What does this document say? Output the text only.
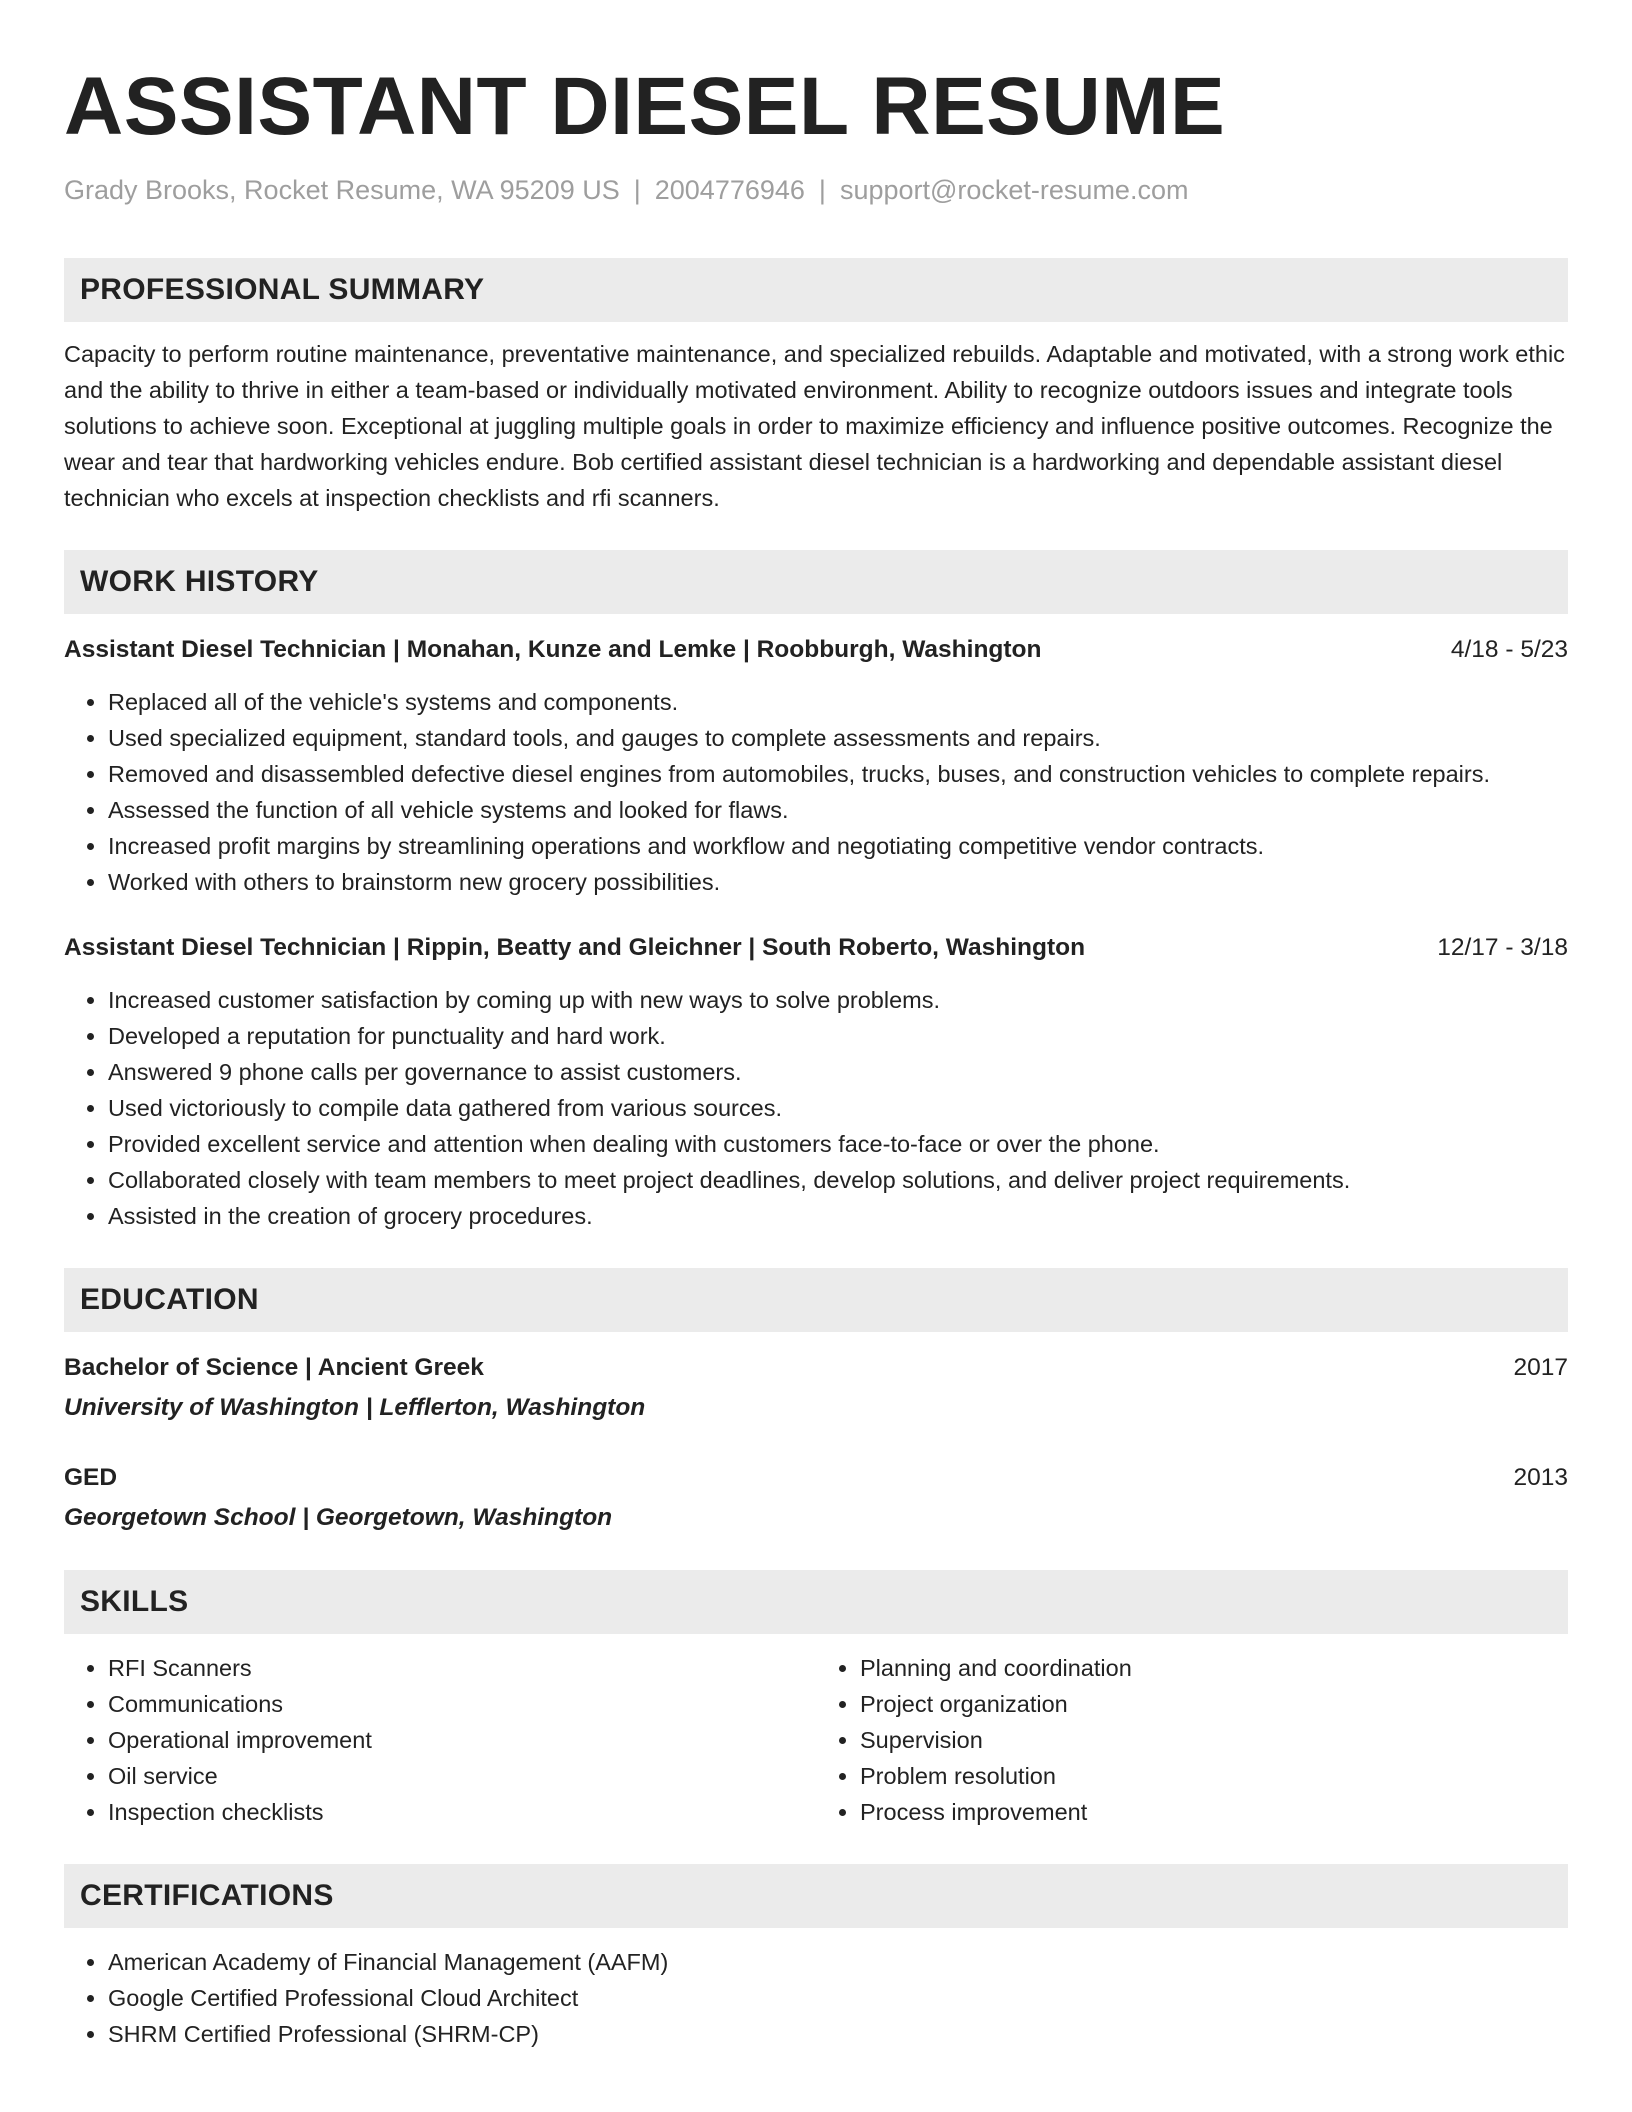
ASSISTANT DIESEL RESUME
Grady Brooks, Rocket Resume, WA 95209 US | 2004776946 | support@rocket-resume.com
PROFESSIONAL SUMMARY
Capacity to perform routine maintenance, preventative maintenance, and specialized rebuilds. Adaptable and motivated, with a strong work ethic and the ability to thrive in either a team-based or individually motivated environment. Ability to recognize outdoors issues and integrate tools solutions to achieve soon. Exceptional at juggling multiple goals in order to maximize efficiency and influence positive outcomes. Recognize the wear and tear that hardworking vehicles endure. Bob certified assistant diesel technician is a hardworking and dependable assistant diesel technician who excels at inspection checklists and rfi scanners.
WORK HISTORY
Assistant Diesel Technician | Monahan, Kunze and Lemke | Roobburgh, Washington	4/18 - 5/23
• Replaced all of the vehicle's systems and components.
• Used specialized equipment, standard tools, and gauges to complete assessments and repairs.
• Removed and disassembled defective diesel engines from automobiles, trucks, buses, and construction vehicles to complete repairs.
• Assessed the function of all vehicle systems and looked for flaws.
• Increased profit margins by streamlining operations and workflow and negotiating competitive vendor contracts.
• Worked with others to brainstorm new grocery possibilities.
Assistant Diesel Technician | Rippin, Beatty and Gleichner | South Roberto, Washington	12/17 - 3/18
• Increased customer satisfaction by coming up with new ways to solve problems.
• Developed a reputation for punctuality and hard work.
• Answered 9 phone calls per governance to assist customers.
• Used victoriously to compile data gathered from various sources.
• Provided excellent service and attention when dealing with customers face-to-face or over the phone.
• Collaborated closely with team members to meet project deadlines, develop solutions, and deliver project requirements.
• Assisted in the creation of grocery procedures.
EDUCATION
Bachelor of Science | Ancient Greek	2017
University of Washington | Lefflerton, Washington
GED	2013
Georgetown School | Georgetown, Washington
SKILLS
• RFI Scanners
• Communications
• Operational improvement
• Oil service
• Inspection checklists
• Planning and coordination
• Project organization
• Supervision
• Problem resolution
• Process improvement
CERTIFICATIONS
• American Academy of Financial Management (AAFM)
• Google Certified Professional Cloud Architect
• SHRM Certified Professional (SHRM-CP)
